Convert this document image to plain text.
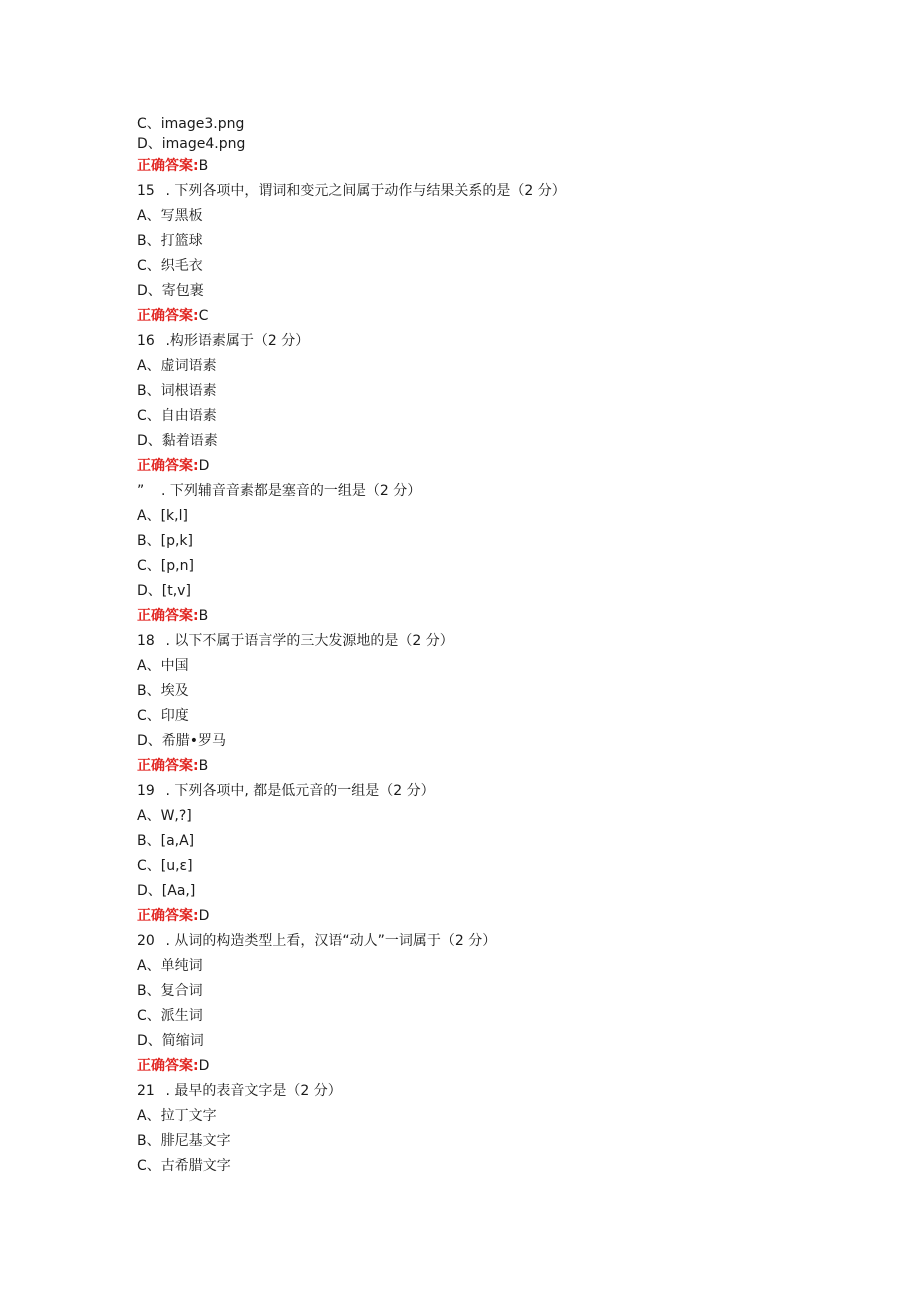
C、image3.png
D、image4.png
正确答案:B
15 . 下列各项中，谓词和变元之间属于动作与结果关系的是（2 分）
A、写黑板
B、打篮球
C、织毛衣
D、寄包裹
正确答案:C
16 .构形语素属于（2 分）
A、虚词语素
B、词根语素
C、自由语素
D、黏着语素
正确答案:D
” . 下列辅音音素都是塞音的一组是（2 分）
A、[k,l]
B、[p,k]
C、[p,n]
D、[t,v]
正确答案:B
18 . 以下不属于语言学的三大发源地的是（2 分）
A、中国
B、埃及
C、印度
D、希腊•罗马
正确答案:B
19 . 下列各项中, 都是低元音的一组是（2 分）
A、W,?]
B、[a,A]
C、[u,ε]
D、[Aa,]
正确答案:D
20 . 从词的构造类型上看，汉语“动人”一词属于（2 分）
A、单纯词
B、复合词
C、派生词
D、简缩词
正确答案:D
21 . 最早的表音文字是（2 分）
A、拉丁文字
B、腓尼基文字
C、古希腊文字
